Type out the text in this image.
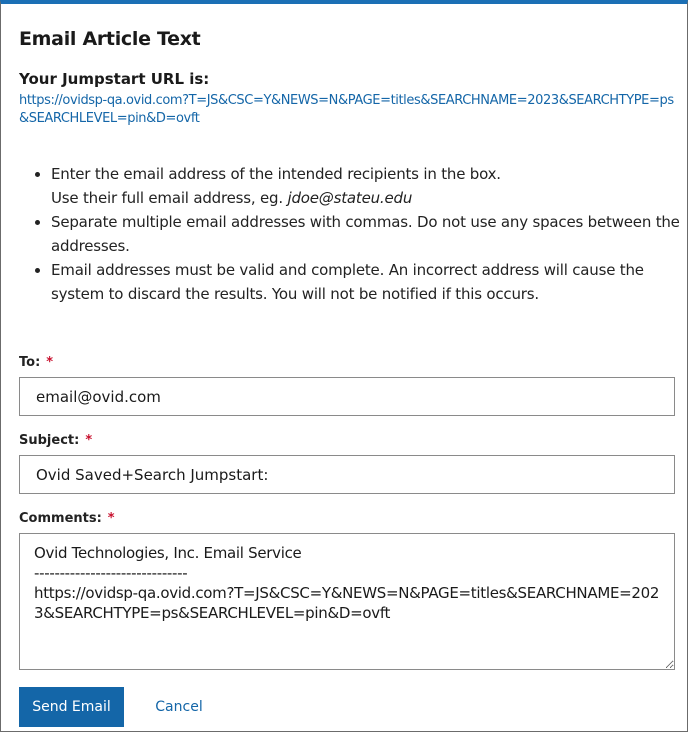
Email Article Text
Your Jumpstart URL is:
https://ovidsp-qa.ovid.com?T=JS&CSC=Y&NEWS=N&PAGE=titles&SEARCHNAME=2023&SEARCHTYPE=ps&SEARCHLEVEL=pin&D=ovft
• Enter the email address of the intended recipients in the box.
Use their full email address, eg. jdoe@stateu.edu
• Separate multiple email addresses with commas. Do not use any spaces between the addresses.
• Email addresses must be valid and complete. An incorrect address will cause the system to discard the results. You will not be notified if this occurs.
To: *
email@ovid.com
Subject: *
Ovid Saved+Search Jumpstart:
Comments: *
Ovid Technologies, Inc. Email Service ------------------------------ https://ovidsp-qa.ovid.com?T=JS&CSC=Y&NEWS=N&PAGE=titles&SEARCHNAME=2023&SEARCHTYPE=ps&SEARCHLEVEL=pin&D=ovft
Send Email	Cancel
